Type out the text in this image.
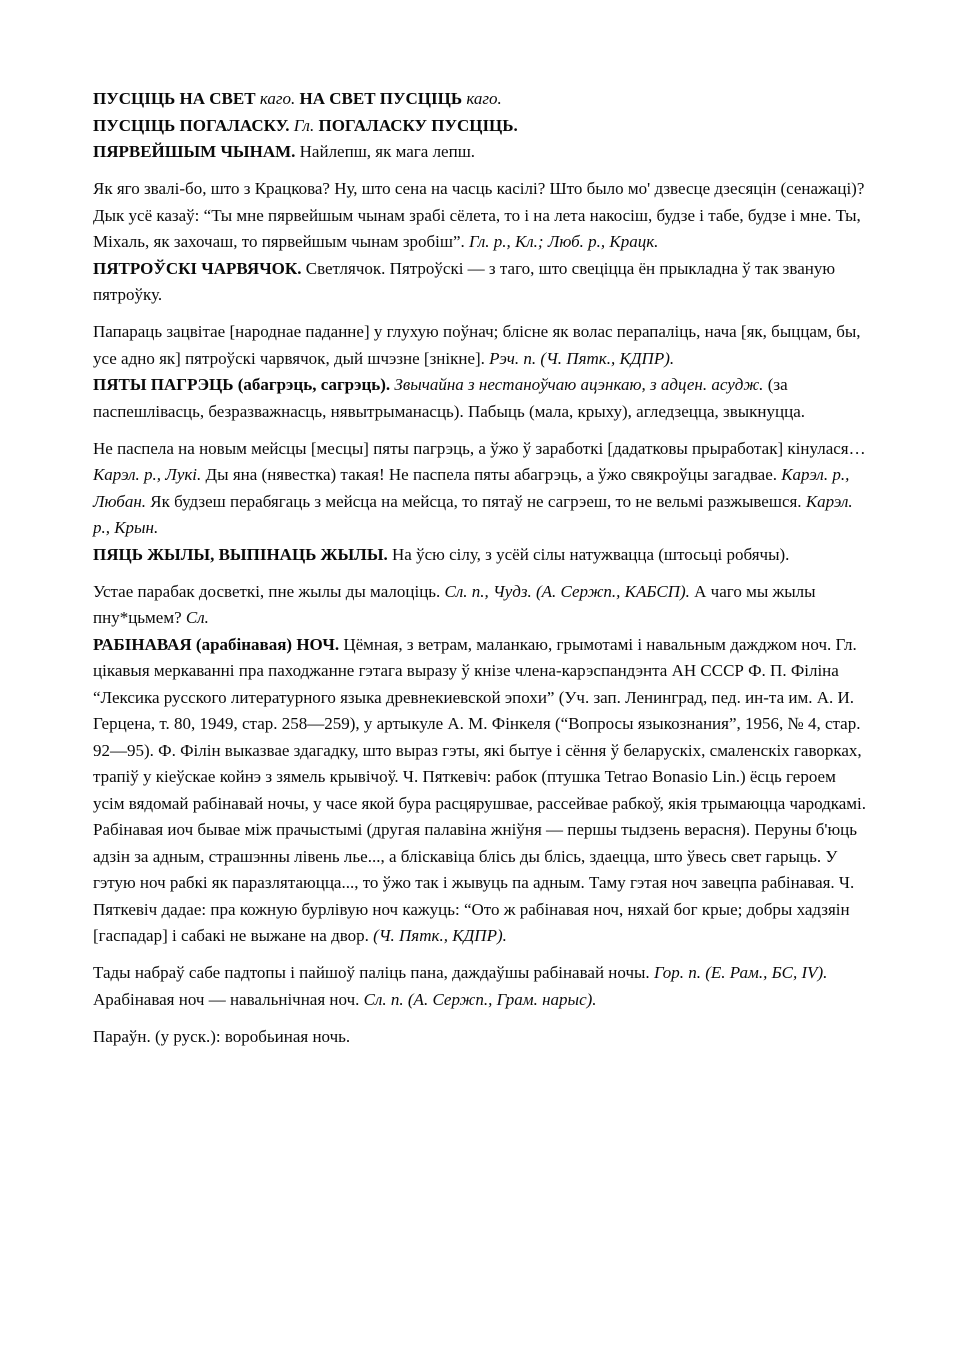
ПУСЦІЦЬ НА СВЕТ каго. НА СВЕТ ПУСЦІЦЬ каго.

ПУСЦІЦЬ ПОГАЛАСКУ. Гл. ПОГАЛАСКУ ПУСЦІЦЬ.

ПЯРВЕЙШЫМ ЧЫНАМ. Найлепш, як мага лепш.

Як яго звалі-бо, што з Крацкова? Ну, што сена на часць касілі? Што было мо' дзвесце дзесяцін (сенажаці)? Дык усё казаў: “Ты мне пярвейшым чынам зрабі сёлета, то і на лета накосіш, будзе і табе, будзе і мне. Ты, Міхаль, як захочаш, то пярвейшым чынам зробіш”. Гл. р., Кл.; Люб. р., Крацк.

ПЯТРОЎСКІ ЧАРВЯЧОК. Светлячок. Пятроўскі — з таго, што свеціцца ён прыкладна ў так званую пятроўку.

Папараць зацвітае [народнае паданне] у глухую поўнач; блісне як волас перапаліць, нача [як, быццам, бы, усе адно як] пятроўскі чарвячок, дый шчэзне [знікне]. Рэч. п. (Ч. Пятк., КДПР).

ПЯТЫ ПАГРЭЦЬ (абагрэць, сагрэць). Звычайна з нестаноўчаю ацэнкаю, з адцен. асудж. (за паспешлівасць, безразважнасць, нявытрыманасць). Пабыць (мала, крыху), агледзецца, звыкнуцца.

Не паспела на новым мейсцы [месцы] пяты пагрэць, а ўжо ў заработкі [дадатковы прыработак] кінулася… Карэл. р., Лукі. Ды яна (нявестка) такая! Не паспела пяты абагрэць, а ўжо свякроўцы загадвае. Карэл. р., Любан. Як будзеш перабягаць з мейсца на мейсца, то пятаў не сагрэеш, то не вельмі разжывешся. Карэл. р., Крын.

ПЯЦЬ ЖЫЛЫ, ВЫПІНАЦЬ ЖЫЛЫ. На ўсю сілу, з усёй сілы натужвацца (штосьці робячы).

Устае парабак досветкі, пне жылы ды малоціць. Сл. п., Чудз. (А. Сержп., КАБСП). А чаго мы жылы пну*цьмем? Сл.

РАБІНАВАЯ (арабінавая) НОЧ. Цёмная, з ветрам, маланкаю, грымотамі і навальным дажджом ноч. Гл. цікавыя меркаванні пра паходжанне гэтага выразу ў кнізе члена-карэспандэнта АН СССР Ф. П. Філіна “Лексика русского литературного языка древнекиевской эпохи” (Уч. зап. Ленинград, пед. ин-та им. А. И. Герцена, т. 80, 1949, стар. 258—259), у артыкуле А. М. Фінкеля (“Вопросы языкознания”, 1956, № 4, стар. 92—95). Ф. Філін выказвае здагадку, што выраз гэты, які бытуе і сёння ў беларускіх, смаленскіх гаворках, трапіў у кіеўскае койнэ з зямель крывічоў. Ч. Пяткевіч: рабок (птушка Tetrao Bonasio Lin.) ёсць героем усім вядомай рабінавай ночы, у часе якой бура расцярушвае, рассейвае рабкоў, якія трымаюцца чародкамі. Рабінавая иоч бывае між прачыстымі (другая палавіна жніўня — першы тыдзень верасня). Перуны б'юць адзін за адным, страшэнны лівень лье..., а бліскавіца блісь ды блісь, здаецца, што ўвесь свет гарыць. У гэтую ноч рабкі як паразлятаюцца..., то ўжо так і жывуць па адным. Таму гэтая ноч завецпа рабінавая. Ч. Пяткевіч дадае: пра кожную бурлівую ноч кажуць: “Ото ж рабінавая ноч, няхай бог крые; добры хадзяін [гаспадар] і сабакі не выжане на двор. (Ч. Пятк., КДПР).

Тады набраў сабе падтопы і пайшоў паліць пана, даждаўшы рабінавай ночы. Гор. п. (Е. Рам., БС, IV). Арабінавая ноч — навальнічная ноч. Сл. п. (А. Сержп., Грам. нарыс).

Параўн. (у руск.): воробьиная ночь.
